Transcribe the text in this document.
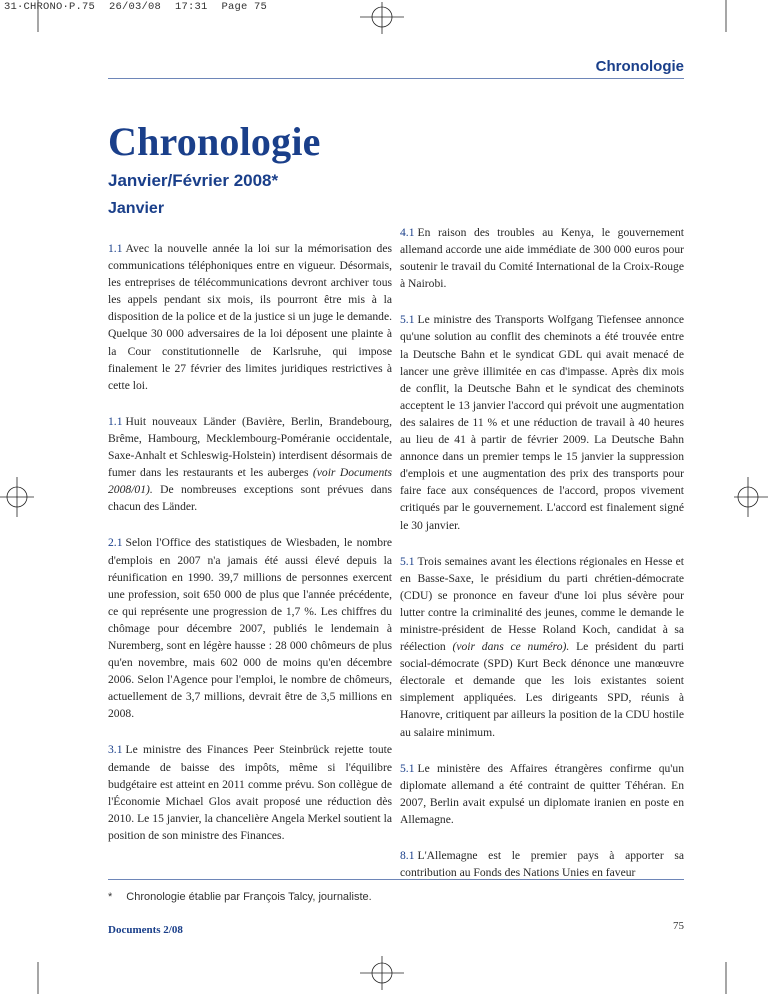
31·CHRONO·P.75 26/03/08 17:31 Page 75
Chronologie
Chronologie
Janvier/Février 2008*
Janvier

1.1 Avec la nouvelle année la loi sur la mémorisation des communications téléphoniques entre en vigueur. Désormais, les entreprises de télécommunications devront archiver tous les appels pendant six mois, ils pourront être mis à la disposition de la police et de la justice si un juge le demande. Quelque 30 000 adversaires de la loi déposent une plainte à la Cour constitutionnelle de Karlsruhe, qui impose finalement le 27 février des limites juridiques restrictives à cette loi.

1.1 Huit nouveaux Länder (Bavière, Berlin, Brandebourg, Brême, Hambourg, Mecklembourg-Poméranie occidentale, Saxe-Anhalt et Schleswig-Holstein) interdisent désormais de fumer dans les restaurants et les auberges (voir Documents 2008/01). De nombreuses exceptions sont prévues dans chacun des Länder.

2.1 Selon l'Office des statistiques de Wiesbaden, le nombre d'emplois en 2007 n'a jamais été aussi élevé depuis la réunification en 1990. 39,7 millions de personnes exercent une profession, soit 650 000 de plus que l'année précédente, ce qui représente une progression de 1,7 %. Les chiffres du chômage pour décembre 2007, publiés le lendemain à Nuremberg, sont en légère hausse : 28 000 chômeurs de plus qu'en novembre, mais 602 000 de moins qu'en décembre 2006. Selon l'Agence pour l'emploi, le nombre de chômeurs, actuellement de 3,7 millions, devrait être de 3,5 millions en 2008.

3.1 Le ministre des Finances Peer Steinbrück rejette toute demande de baisse des impôts, même si l'équilibre budgétaire est atteint en 2011 comme prévu. Son collègue de l'Économie Michael Glos avait proposé une réduction dès 2010. Le 15 janvier, la chancelière Angela Merkel soutient la position de son ministre des Finances.

4.1 En raison des troubles au Kenya, le gouvernement allemand accorde une aide immédiate de 300 000 euros pour soutenir le travail du Comité International de la Croix-Rouge à Nairobi.

5.1 Le ministre des Transports Wolfgang Tiefensee annonce qu'une solution au conflit des cheminots a été trouvée entre la Deutsche Bahn et le syndicat GDL qui avait menacé de lancer une grève illimitée en cas d'impasse. Après dix mois de conflit, la Deutsche Bahn et le syndicat des cheminots acceptent le 13 janvier l'accord qui prévoit une augmentation des salaires de 11 % et une réduction de travail à 40 heures au lieu de 41 à partir de février 2009. La Deutsche Bahn annonce dans un premier temps le 15 janvier la suppression d'emplois et une augmentation des prix des transports pour faire face aux conséquences de l'accord, propos vivement critiqués par le gouvernement. L'accord est finalement signé le 30 janvier.

5.1 Trois semaines avant les élections régionales en Hesse et en Basse-Saxe, le présidium du parti chrétien-démocrate (CDU) se prononce en faveur d'une loi plus sévère pour lutter contre la criminalité des jeunes, comme le demande le ministre-président de Hesse Roland Koch, candidat à sa réélection (voir dans ce numéro). Le président du parti social-démocrate (SPD) Kurt Beck dénonce une manœuvre électorale et demande que les lois existantes soient simplement appliquées. Les dirigeants SPD, réunis à Hanovre, critiquent par ailleurs la position de la CDU hostile au salaire minimum.

5.1 Le ministère des Affaires étrangères confirme qu'un diplomate allemand a été contraint de quitter Téhéran. En 2007, Berlin avait expulsé un diplomate iranien en poste en Allemagne.

8.1 L'Allemagne est le premier pays à apporter sa contribution au Fonds des Nations Unies en faveur

* Chronologie établie par François Talcy, journaliste.
Documents 2/08	75
